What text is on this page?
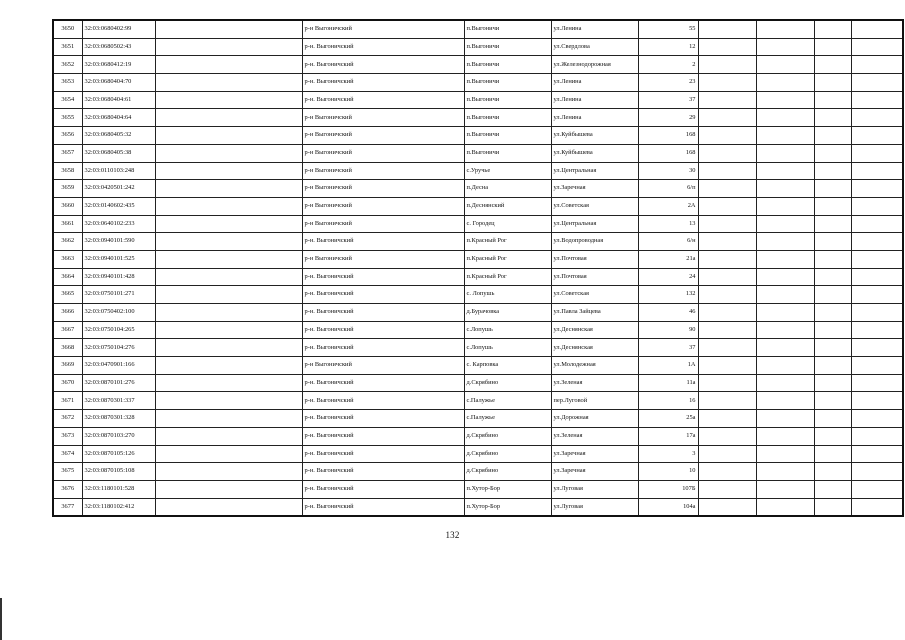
3650	32:03:0680402:99		р-н Выгоничский	п.Выгоничи	ул.Ленина	55				
3651	32:03:0680502:43		р-н. Выгоничский	п.Выгоничи	ул.Свердлова	12				
3652	32:03:0680412:19		р-н. Выгоничский	п.Выгоничи	ул.Железнодорожная	2				
3653	32:03:0680404:70		р-н. Выгоничский	п.Выгоничи	ул.Ленина	23				
3654	32:03:0680404:61		р-н. Выгоничский	п.Выгоничи	ул.Ленина	37				
3655	32:03:0680404:64		р-н Выгоничский	п.Выгоничи	ул.Ленина	29				
3656	32:03:0680405:32		р-н Выгоничский	п.Выгоничи	ул.Куйбышева	168				
3657	32:03:0680405:38		р-н Выгоничский	п.Выгоничи	ул.Куйбышева	168				
3658	32:03:0110103:248		р-н Выгоничский	с.Уручье	ул.Центральная	30				
3659	32:03:0420501:242		р-н Выгоничский	п.Десна	ул.Заречная	6/п				
3660	32:03:0140602:435		р-н Выгоничский	п.Деснянский	ул.Советская	2А				
3661	32:03:0640102:233		р-н Выгоничский	с. Городец	ул.Центральная	13				
3662	32:03:0940101:590		р-н. Выгоничский	п.Красный Рог	ул.Водопроводная	6/н				
3663	32:03:0940101:525		р-н Выгоничский	п.Красный Рог	ул.Почтовая	21а				
3664	32:03:0940101:428		р-н. Выгоничский	п.Красный Рог	ул.Почтовая	24				
3665	32:03:0750101:271		р-н. Выгоничский	с. Лопушь	ул.Советская	132				
3666	32:03:0750402:100		р-н. Выгоничский	д.Бурачовка	ул.Павла Зайцева	46				
3667	32:03:0750104:265		р-н. Выгоничский	с.Лопушь	ул.Деснянская	90				
3668	32:03:0750104:276		р-н. Выгоничский	с.Лопушь	ул.Деснянская	37				
3669	32:03:0470901:166		р-н Выгоничский	с. Карповка	ул.Молодежная	1А				
3670	32:03:0870101:276		р-н. Выгоничский	д.Скрябино	ул.Зеленая	11а				
3671	32:03:0870301:337		р-н. Выгоничский	с.Палужье	пер.Луговой	16				
3672	32:03:0870301:328		р-н. Выгоничский	с.Палужье	ул.Дорожная	25а				
3673	32:03:0870103:270		р-н. Выгоничский	д.Скрябино	ул.Зеленая	17а				
3674	32:03:0870105:126		р-н. Выгоничский	д.Скрябино	ул.Заречная	3				
3675	32:03:0870105:108		р-н. Выгоничский	д.Скрябино	ул.Заречная	10				
3676	32:03:1180101:528		р-н. Выгоничский	п.Хутор-Бор	ул.Луговая	107Б				
3677	32:03:1180102:412		р-н. Выгоничский	п.Хутор-Бор	ул.Луговая	104а				
132
